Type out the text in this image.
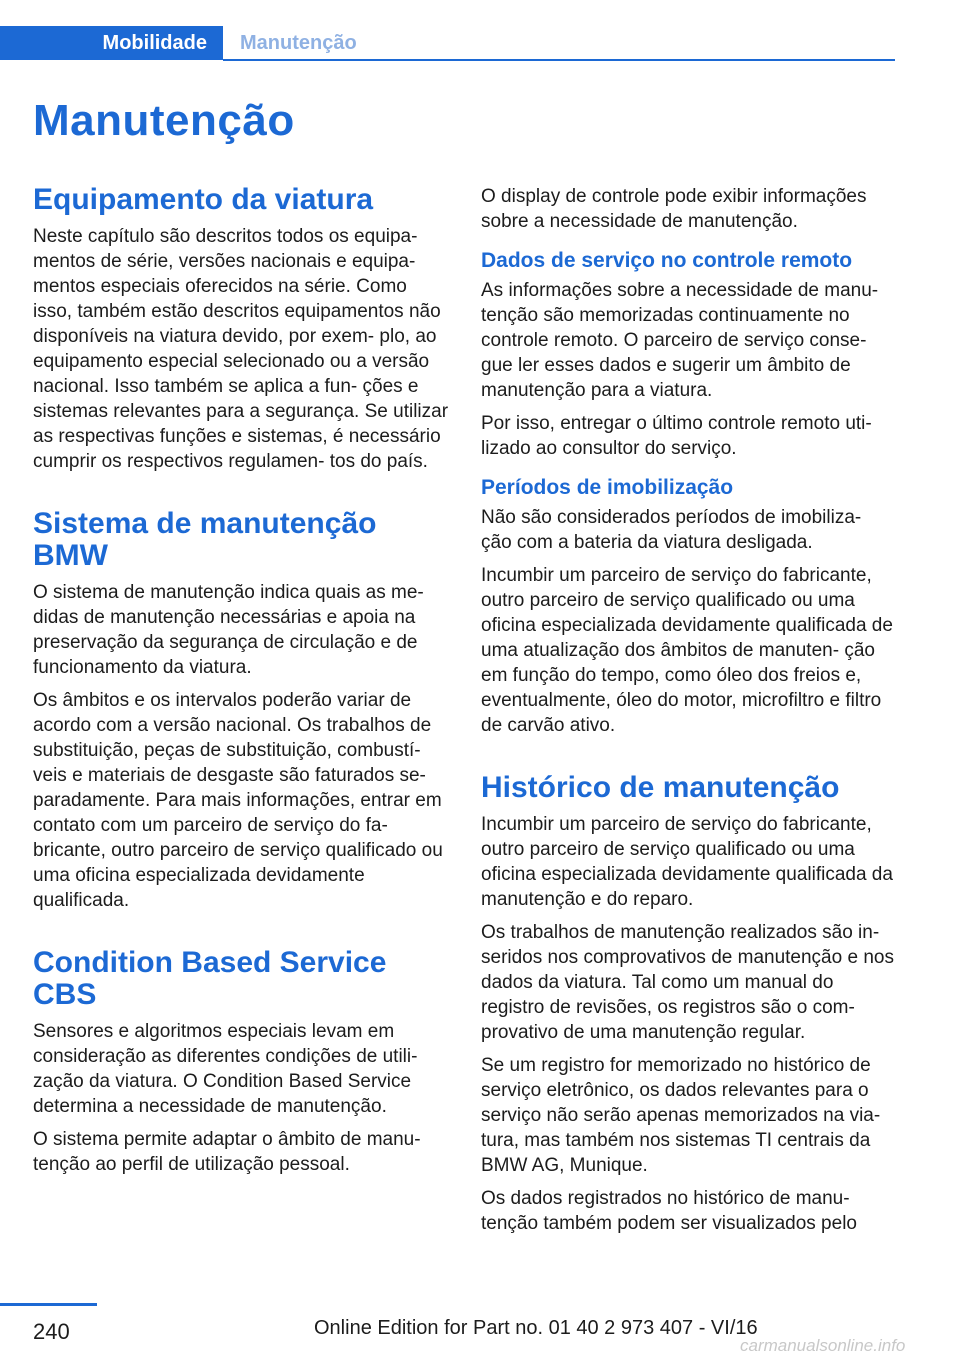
Mobilidade	Manutenção
Manutenção
Equipamento da viatura

Neste capítulo são descritos todos os equipa- mentos de série, versões nacionais e equipa- mentos especiais oferecidos na série. Como isso, também estão descritos equipamentos não disponíveis na viatura devido, por exem- plo, ao equipamento especial selecionado ou a versão nacional. Isso também se aplica a fun- ções e sistemas relevantes para a segurança. Se utilizar as respectivas funções e sistemas, é necessário cumprir os respectivos regulamen- tos do país.

Sistema de manutenção BMW

O sistema de manutenção indica quais as me- didas de manutenção necessárias e apoia na preservação da segurança de circulação e de funcionamento da viatura.

Os âmbitos e os intervalos poderão variar de acordo com a versão nacional. Os trabalhos de substituição, peças de substituição, combustí- veis e materiais de desgaste são faturados se- paradamente. Para mais informações, entrar em contato com um parceiro de serviço do fa- bricante, outro parceiro de serviço qualificado ou uma oficina especializada devidamente qualificada.

Condition Based Service CBS

Sensores e algoritmos especiais levam em consideração as diferentes condições de utili- zação da viatura. O Condition Based Service determina a necessidade de manutenção.

O sistema permite adaptar o âmbito de manu- tenção ao perfil de utilização pessoal.

O display de controle pode exibir informações sobre a necessidade de manutenção.

Dados de serviço no controle remoto

As informações sobre a necessidade de manu- tenção são memorizadas continuamente no controle remoto. O parceiro de serviço conse- gue ler esses dados e sugerir um âmbito de manutenção para a viatura.

Por isso, entregar o último controle remoto uti- lizado ao consultor do serviço.

Períodos de imobilização

Não são considerados períodos de imobiliza- ção com a bateria da viatura desligada.

Incumbir um parceiro de serviço do fabricante, outro parceiro de serviço qualificado ou uma oficina especializada devidamente qualificada de uma atualização dos âmbitos de manuten- ção em função do tempo, como óleo dos freios e, eventualmente, óleo do motor, microfiltro e filtro de carvão ativo.

Histórico de manutenção

Incumbir um parceiro de serviço do fabricante, outro parceiro de serviço qualificado ou uma oficina especializada devidamente qualificada da manutenção e do reparo.

Os trabalhos de manutenção realizados são in- seridos nos comprovativos de manutenção e nos dados da viatura. Tal como um manual do registro de revisões, os registros são o com- provativo de uma manutenção regular.

Se um registro for memorizado no histórico de serviço eletrônico, os dados relevantes para o serviço não serão apenas memorizados na via- tura, mas também nos sistemas TI centrais da BMW AG, Munique.

Os dados registrados no histórico de manu- tenção também podem ser visualizados pelo

240	Online Edition for Part no. 01 40 2 973 407 - VI/16
carmanualsonline.info
